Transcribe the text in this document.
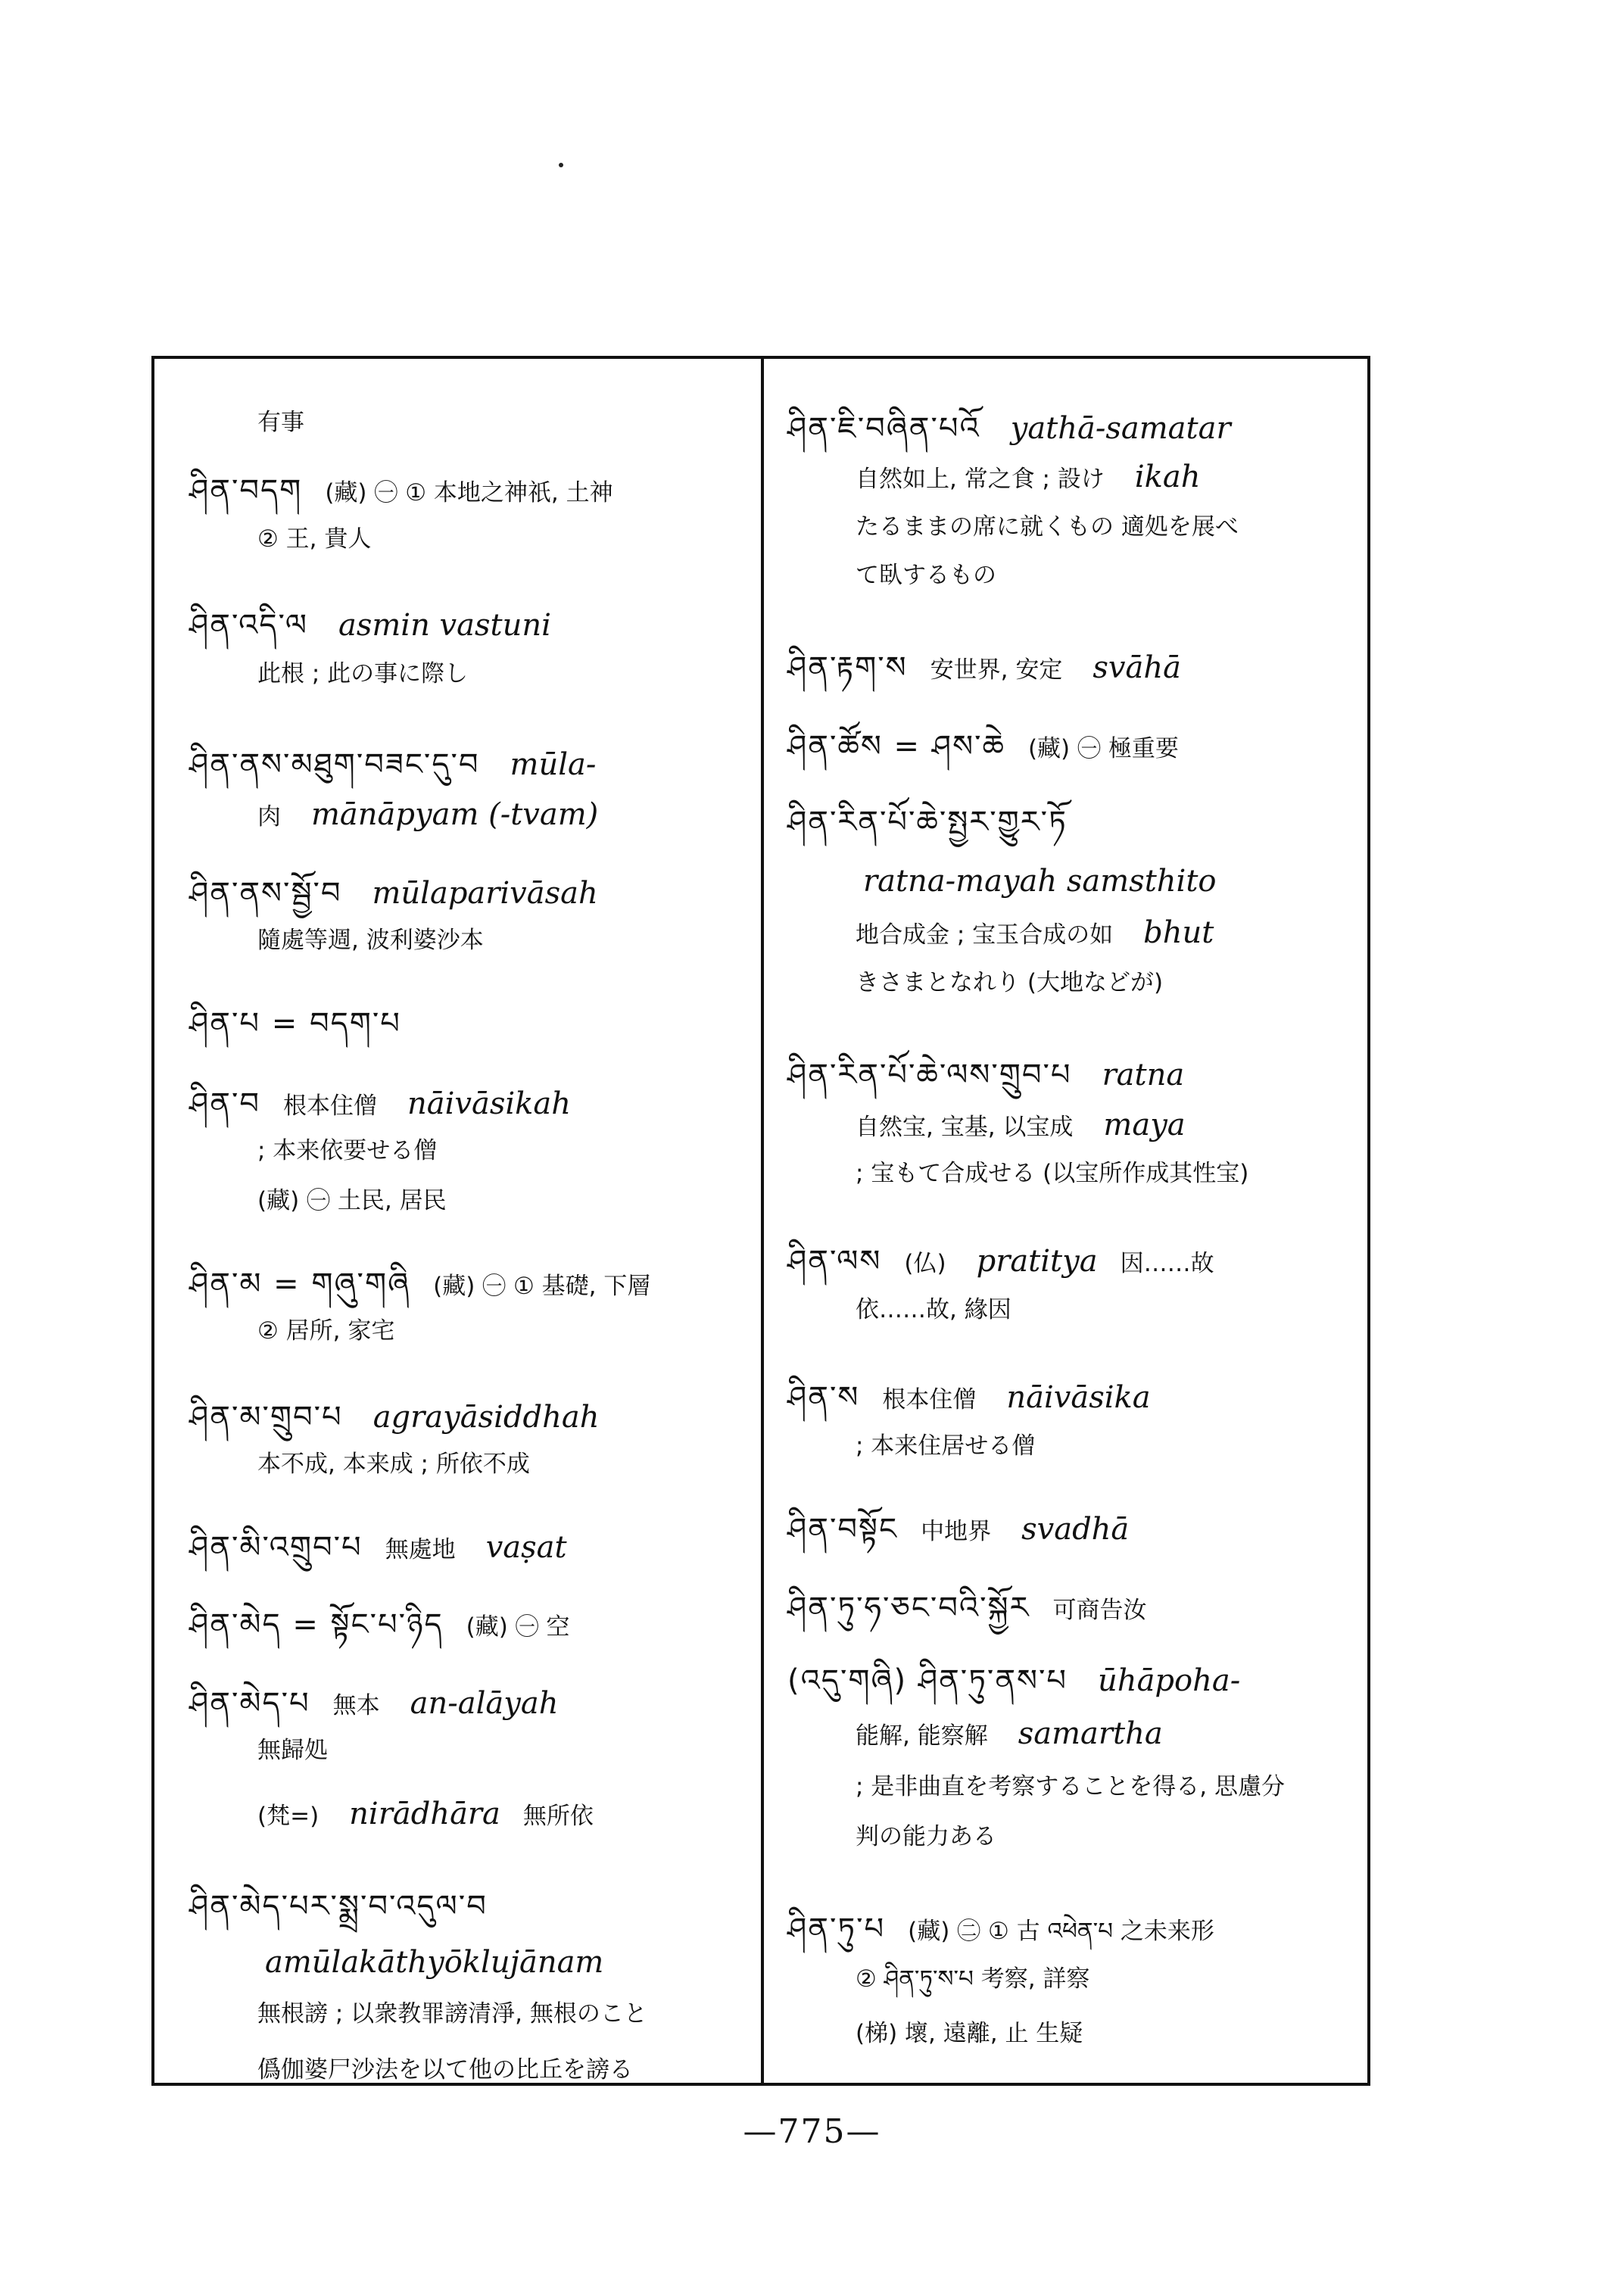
有事
ཤིན་བདག (藏) ㊀ ① 本地之神祇, 土神
② 王, 貴人
ཤིན་འདི་ལ asmin vastuni
此根 ; 此の事に際し
ཤིན་ནས་མཐུག་བཟང་དུ་བ mūla-
肉 mānāpyam (-tvam)
ཤིན་ནས་སྦྱོ་བ mūlaparivāsah
隨處等週, 波利婆沙本
ཤིན་པ = བདག་པ
ཤིན་བ 根本住僧 nāivāsikah
; 本来依要せる僧
(藏) ㊀ 土民, 居民
ཤིན་མ = གཞུ་གཞི (藏) ㊀ ① 基礎, 下層
② 居所, 家宅
ཤིན་མ་གྲུབ་པ agrayāsiddhah
本不成, 本来成 ; 所依不成
ཤིན་མི་འགྲུབ་པ 無處地 vaṣat
ཤིན་མེད = སྟོང་པ་ཉིད (藏) ㊀ 空
ཤིན་མེད་པ 無本 an-alāyah
無歸処
(梵=) nirādhāra 無所依
ཤིན་མེད་པར་སྨྲ་བ་འདུལ་བ
amūlakāthyōklujānam
無根謗 ; 以衆教罪謗清淨, 無根のこと
僞伽婆尸沙法を以て他の比丘を謗る
ཤིན་ཇི་བཞིན་པའོ yathā-samatar
自然如上, 常之食 ; 設け ikah
たるままの席に就くもの 適処を展べ
て臥するもの
ཤིན་རྟག་ས 安世界, 安定 svāhā
ཤིན་ཚོས = ཤས་ཆེ (藏) ㊀ 極重要
ཤིན་རིན་པོ་ཆེ་སྤྱར་གྱུར་ཏོ
ratna-mayah samsthito
地合成金 ; 宝玉合成の如 bhut
きさまとなれり (大地などが)
ཤིན་རིན་པོ་ཆེ་ལས་གྲུབ་པ ratna
自然宝, 宝基, 以宝成 maya
; 宝もて合成せる (以宝所作成其性宝)
ཤིན་ལས (仏) pratitya 因……故
依……故, 緣因
ཤིན་ས 根本住僧 nāivāsika
; 本来住居せる僧
ཤིན་བསྟོང 中地界 svadhā
ཤིན་ཏུ་ཧ་ཅང་བའི་སྐྱོར 可商告汝
(འདུ་གཞི) ཤིན་ཏུ་ནས་པ ūhāpoha-
能解, 能察解 samartha
; 是非曲直を考察することを得る, 思慮分
判の能力ある
ཤིན་ཏུ་པ (藏) ㊁ ① 古 འཕེན་པ 之未来形
② ཤིན་ཏུ་ས་པ 考察, 詳察
(梯) 壞, 遠離, 止 生疑
—775—
